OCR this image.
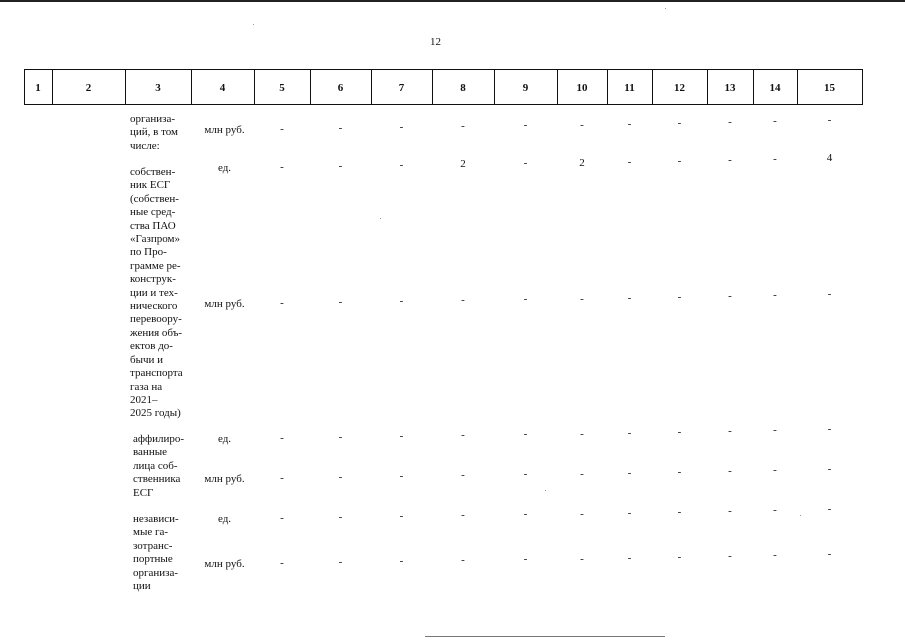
12
1	2	3	4	5	6	7	8	9	10	11	12	13	14	15
организа-
ций, в том
числе:
млн руб.	-	-	-	-	-	-	-	-	-	-	-
собствен-
ник ЕСГ
(собствен-
ные сред-
ства ПАО
«Газпром»
по Про-
грамме ре-
конструк-
ции и тех-
нического
перевоору-
жения объ-
ектов до-
бычи и
транспорта
газа на
2021–
2025 годы)
ед.	-	-	-	2	-	2	-	-	-	-	4
млн руб.	-	-	-	-	-	-	-	-	-	-	-
аффилиро-
ванные
лица соб-
ственника
ЕСГ
ед.	-	-	-	-	-	-	-	-	-	-	-
млн руб.	-	-	-	-	-	-	-	-	-	-	-
независи-
мые га-
зотранс-
портные
организа-
ции
ед.	-	-	-	-	-	-	-	-	-	-	-
млн руб.	-	-	-	-	-	-	-	-	-	-	-
